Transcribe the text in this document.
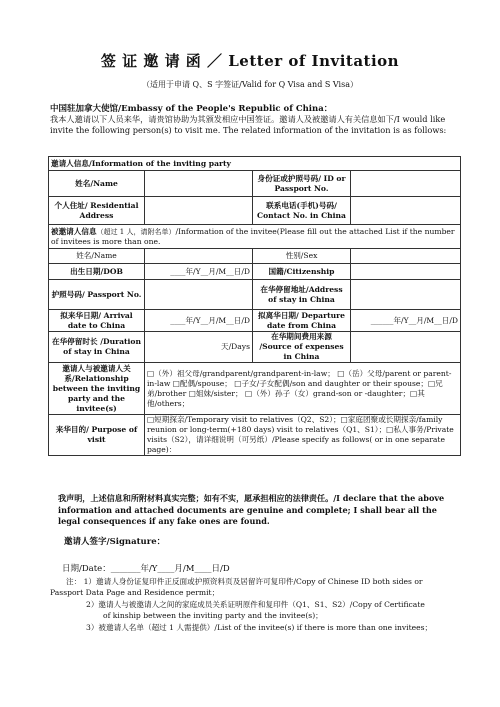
签 证 邀 请 函 ／ Letter of Invitation
（适用于申请 Q、S 字签证/Valid for Q Visa and S Visa）
中国驻加拿大使馆/Embassy of the People's Republic of China：
我本人邀请以下人员来华，请贵馆协助为其颁发相应中国签证。邀请人及被邀请人有关信息如下/I would like invite the following person(s) to visit me. The related information of the invitation is as follows:
邀请人信息/Information of the inviting party			
姓名/Name		身份证或护照号码/ ID or Passport No.	
个人住址/ Residential Address		联系电话(手机)号码/ Contact No. in China	
被邀请人信息（超过 1 人，请附名单）/Information of the invitee(Please fill out the attached List if the number of invitees is more than one.			
姓名/Name		性别/Sex	
出生日期/DOB	____年/Y__月/M__日/D	国籍/Citizenship	
护照号码/ Passport No.		在华停留地址/Address of stay in China	
拟来华日期/ Arrival date to China	____年/Y__月/M__日/D	拟离华日期/ Departure date from China	______年/Y__月/M__日/D
在华停留时长 /Duration of stay in China	天/Days	在华期间费用来源 /Source of expenses in China	
邀请人与被邀请人关系/Relationship between the inviting party and the invitee(s)	□（外）祖父母/grandparent/grandparent-in-law； □（岳）父母/parent or parent-in-law □配偶/spouse； □子女/子女配偶/son and daughter or their spouse；□兄弟/brother □姐妹/sister； □（外）孙子（女）grand-son or -daughter；□其他/others；		
来华目的/ Purpose of visit	□短期探亲/Temporary visit to relatives（Q2、S2）；□家庭团聚或长期探亲/family reunion or long-term(+180 days) visit to relatives（Q1、S1）；□私人事务/Private visits（S2），请详细说明（可另纸）/Please specify as follows( or in one separate page)：		
我声明，上述信息和所附材料真实完整；如有不实，愿承担相应的法律责任。/I declare that the above information and attached documents are genuine and complete; I shall bear all the legal consequences if any fake ones are found.
邀请人签字/Signature：
日期/Date：_______年/Y____月/M____日/D
注： 1）邀请人身份证复印件正反面或护照资料页及居留许可复印件/Copy of Chinese ID both sides or
Passport Data Page and Residence permit；
2）邀请人与被邀请人之间的家庭成员关系证明原件和复印件（Q1、S1、S2）/Copy of Certificate
of kinship between the inviting party and the invitee(s)；
3）被邀请人名单（超过 1 人需提供）/List of the invitee(s) if there is more than one invitees；
